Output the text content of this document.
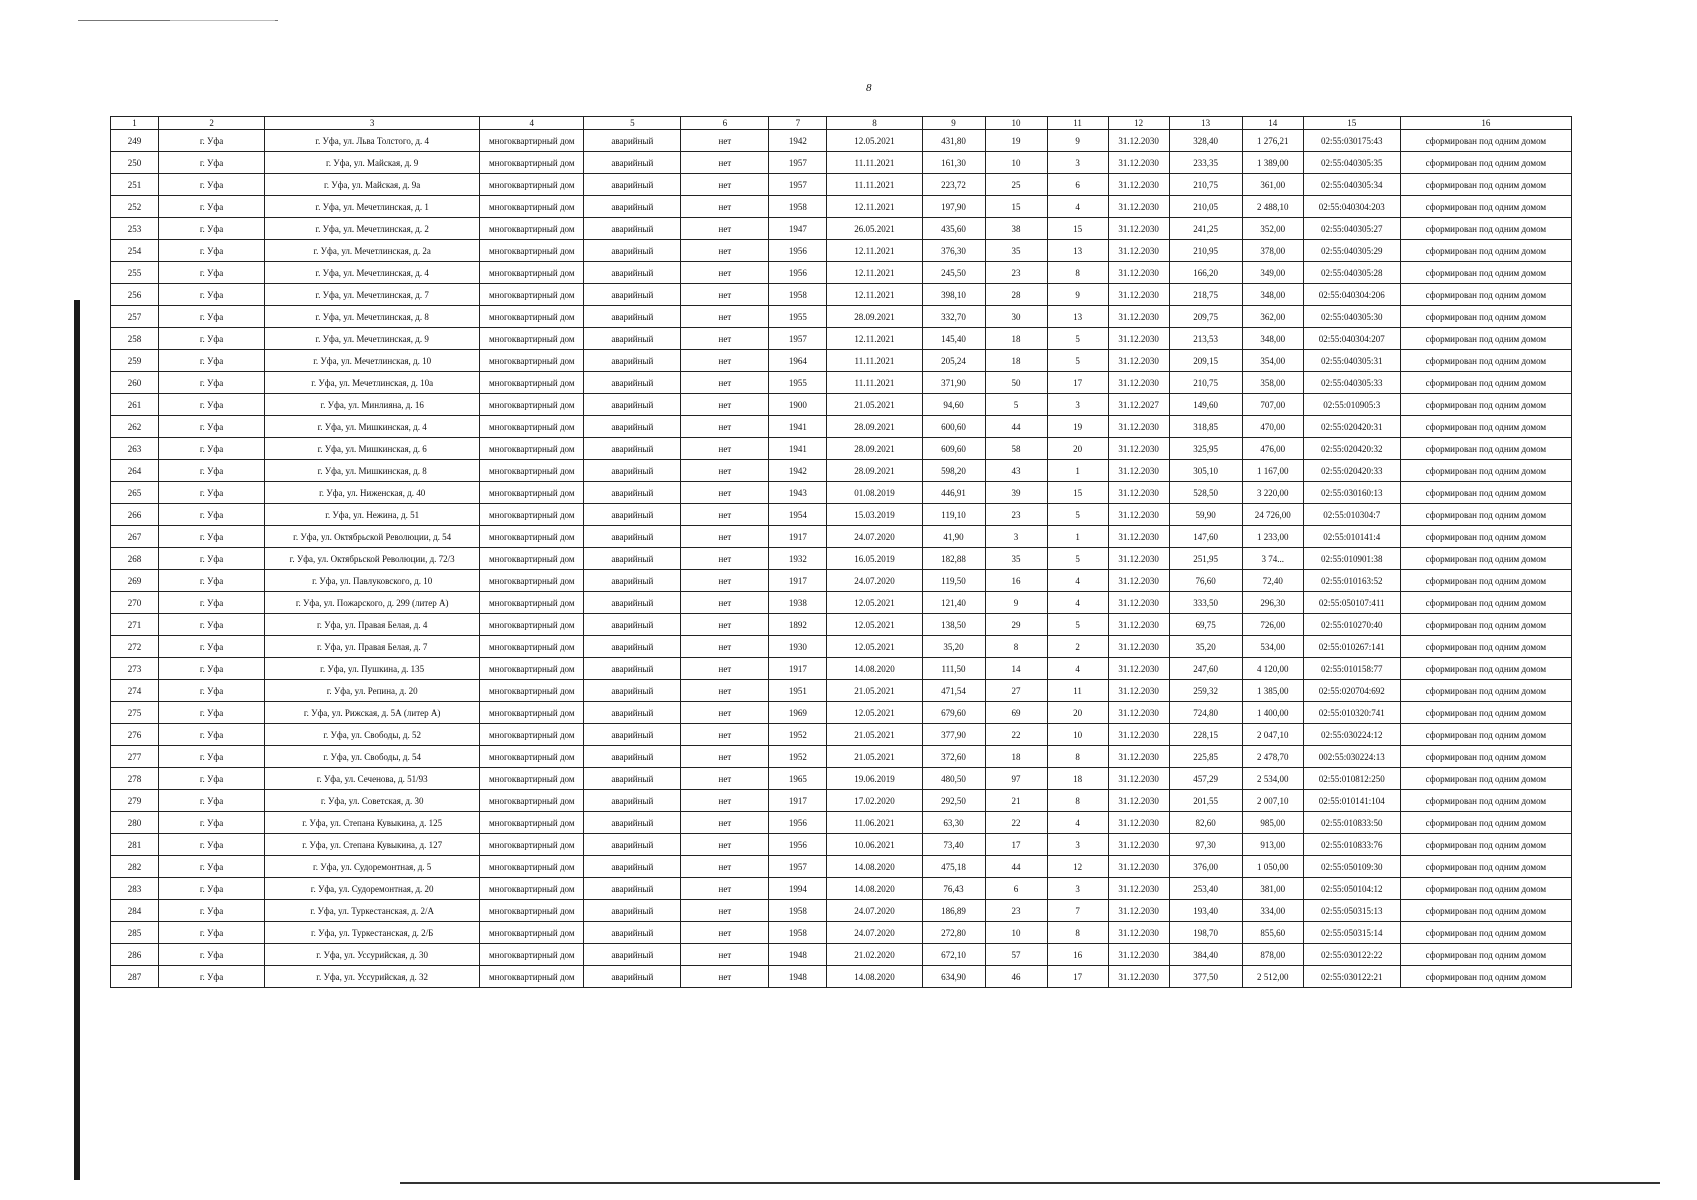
8
1	2	3	4	5	6	7	8	9	10	11	12	13	14	15	16
249	г. Уфа	г. Уфа, ул. Льва Толстого, д. 4	многоквартирный дом	аварийный	нет	1942	12.05.2021	431,80	19	9	31.12.2030	328,40	1 276,21	02:55:030175:43	сформирован под одним домом
250	г. Уфа	г. Уфа, ул. Майская, д. 9	многоквартирный дом	аварийный	нет	1957	11.11.2021	161,30	10	3	31.12.2030	233,35	1 389,00	02:55:040305:35	сформирован под одним домом
251	г. Уфа	г. Уфа, ул. Майская, д. 9а	многоквартирный дом	аварийный	нет	1957	11.11.2021	223,72	25	6	31.12.2030	210,75	361,00	02:55:040305:34	сформирован под одним домом
252	г. Уфа	г. Уфа, ул. Мечетлинская, д. 1	многоквартирный дом	аварийный	нет	1958	12.11.2021	197,90	15	4	31.12.2030	210,05	2 488,10	02:55:040304:203	сформирован под одним домом
253	г. Уфа	г. Уфа, ул. Мечетлинская, д. 2	многоквартирный дом	аварийный	нет	1947	26.05.2021	435,60	38	15	31.12.2030	241,25	352,00	02:55:040305:27	сформирован под одним домом
254	г. Уфа	г. Уфа, ул. Мечетлинская, д. 2а	многоквартирный дом	аварийный	нет	1956	12.11.2021	376,30	35	13	31.12.2030	210,95	378,00	02:55:040305:29	сформирован под одним домом
255	г. Уфа	г. Уфа, ул. Мечетлинская, д. 4	многоквартирный дом	аварийный	нет	1956	12.11.2021	245,50	23	8	31.12.2030	166,20	349,00	02:55:040305:28	сформирован под одним домом
256	г. Уфа	г. Уфа, ул. Мечетлинская, д. 7	многоквартирный дом	аварийный	нет	1958	12.11.2021	398,10	28	9	31.12.2030	218,75	348,00	02:55:040304:206	сформирован под одним домом
257	г. Уфа	г. Уфа, ул. Мечетлинская, д. 8	многоквартирный дом	аварийный	нет	1955	28.09.2021	332,70	30	13	31.12.2030	209,75	362,00	02:55:040305:30	сформирован под одним домом
258	г. Уфа	г. Уфа, ул. Мечетлинская, д. 9	многоквартирный дом	аварийный	нет	1957	12.11.2021	145,40	18	5	31.12.2030	213,53	348,00	02:55:040304:207	сформирован под одним домом
259	г. Уфа	г. Уфа, ул. Мечетлинская, д. 10	многоквартирный дом	аварийный	нет	1964	11.11.2021	205,24	18	5	31.12.2030	209,15	354,00	02:55:040305:31	сформирован под одним домом
260	г. Уфа	г. Уфа, ул. Мечетлинская, д. 10а	многоквартирный дом	аварийный	нет	1955	11.11.2021	371,90	50	17	31.12.2030	210,75	358,00	02:55:040305:33	сформирован под одним домом
261	г. Уфа	г. Уфа, ул. Минлияна, д. 16	многоквартирный дом	аварийный	нет	1900	21.05.2021	94,60	5	3	31.12.2027	149,60	707,00	02:55:010905:3	сформирован под одним домом
262	г. Уфа	г. Уфа, ул. Мишкинская, д. 4	многоквартирный дом	аварийный	нет	1941	28.09.2021	600,60	44	19	31.12.2030	318,85	470,00	02:55:020420:31	сформирован под одним домом
263	г. Уфа	г. Уфа, ул. Мишкинская, д. 6	многоквартирный дом	аварийный	нет	1941	28.09.2021	609,60	58	20	31.12.2030	325,95	476,00	02:55:020420:32	сформирован под одним домом
264	г. Уфа	г. Уфа, ул. Мишкинская, д. 8	многоквартирный дом	аварийный	нет	1942	28.09.2021	598,20	43	1	31.12.2030	305,10	1 167,00	02:55:020420:33	сформирован под одним домом
265	г. Уфа	г. Уфа, ул. Ниженская, д. 40	многоквартирный дом	аварийный	нет	1943	01.08.2019	446,91	39	15	31.12.2030	528,50	3 220,00	02:55:030160:13	сформирован под одним домом
266	г. Уфа	г. Уфа, ул. Нежина, д. 51	многоквартирный дом	аварийный	нет	1954	15.03.2019	119,10	23	5	31.12.2030	59,90	24 726,00	02:55:010304:7	сформирован под одним домом
267	г. Уфа	г. Уфа, ул. Октябрьской Революции, д. 54	многоквартирный дом	аварийный	нет	1917	24.07.2020	41,90	3	1	31.12.2030	147,60	1 233,00	02:55:010141:4	сформирован под одним домом
268	г. Уфа	г. Уфа, ул. Октябрьской Революции, д. 72/3	многоквартирный дом	аварийный	нет	1932	16.05.2019	182,88	35	5	31.12.2030	251,95	3 74...	02:55:010901:38	сформирован под одним домом
269	г. Уфа	г. Уфа, ул. Павлуковского, д. 10	многоквартирный дом	аварийный	нет	1917	24.07.2020	119,50	16	4	31.12.2030	76,60	72,40	02:55:010163:52	сформирован под одним домом
270	г. Уфа	г. Уфа, ул. Пожарского, д. 299 (литер А)	многоквартирный дом	аварийный	нет	1938	12.05.2021	121,40	9	4	31.12.2030	333,50	296,30	02:55:050107:411	сформирован под одним домом
271	г. Уфа	г. Уфа, ул. Правая Белая, д. 4	многоквартирный дом	аварийный	нет	1892	12.05.2021	138,50	29	5	31.12.2030	69,75	726,00	02:55:010270:40	сформирован под одним домом
272	г. Уфа	г. Уфа, ул. Правая Белая, д. 7	многоквартирный дом	аварийный	нет	1930	12.05.2021	35,20	8	2	31.12.2030	35,20	534,00	02:55:010267:141	сформирован под одним домом
273	г. Уфа	г. Уфа, ул. Пушкина, д. 135	многоквартирный дом	аварийный	нет	1917	14.08.2020	111,50	14	4	31.12.2030	247,60	4 120,00	02:55:010158:77	сформирован под одним домом
274	г. Уфа	г. Уфа, ул. Репина, д. 20	многоквартирный дом	аварийный	нет	1951	21.05.2021	471,54	27	11	31.12.2030	259,32	1 385,00	02:55:020704:692	сформирован под одним домом
275	г. Уфа	г. Уфа, ул. Рижская, д. 5А (литер А)	многоквартирный дом	аварийный	нет	1969	12.05.2021	679,60	69	20	31.12.2030	724,80	1 400,00	02:55:010320:741	сформирован под одним домом
276	г. Уфа	г. Уфа, ул. Свободы, д. 52	многоквартирный дом	аварийный	нет	1952	21.05.2021	377,90	22	10	31.12.2030	228,15	2 047,10	02:55:030224:12	сформирован под одним домом
277	г. Уфа	г. Уфа, ул. Свободы, д. 54	многоквартирный дом	аварийный	нет	1952	21.05.2021	372,60	18	8	31.12.2030	225,85	2 478,70	002:55:030224:13	сформирован под одним домом
278	г. Уфа	г. Уфа, ул. Сеченова, д. 51/93	многоквартирный дом	аварийный	нет	1965	19.06.2019	480,50	97	18	31.12.2030	457,29	2 534,00	02:55:010812:250	сформирован под одним домом
279	г. Уфа	г. Уфа, ул. Советская, д. 30	многоквартирный дом	аварийный	нет	1917	17.02.2020	292,50	21	8	31.12.2030	201,55	2 007,10	02:55:010141:104	сформирован под одним домом
280	г. Уфа	г. Уфа, ул. Степана Кувыкина, д. 125	многоквартирный дом	аварийный	нет	1956	11.06.2021	63,30	22	4	31.12.2030	82,60	985,00	02:55:010833:50	сформирован под одним домом
281	г. Уфа	г. Уфа, ул. Степана Кувыкина, д. 127	многоквартирный дом	аварийный	нет	1956	10.06.2021	73,40	17	3	31.12.2030	97,30	913,00	02:55:010833:76	сформирован под одним домом
282	г. Уфа	г. Уфа, ул. Судоремонтная, д. 5	многоквартирный дом	аварийный	нет	1957	14.08.2020	475,18	44	12	31.12.2030	376,00	1 050,00	02:55:050109:30	сформирован под одним домом
283	г. Уфа	г. Уфа, ул. Судоремонтная, д. 20	многоквартирный дом	аварийный	нет	1994	14.08.2020	76,43	6	3	31.12.2030	253,40	381,00	02:55:050104:12	сформирован под одним домом
284	г. Уфа	г. Уфа, ул. Туркестанская, д. 2/А	многоквартирный дом	аварийный	нет	1958	24.07.2020	186,89	23	7	31.12.2030	193,40	334,00	02:55:050315:13	сформирован под одним домом
285	г. Уфа	г. Уфа, ул. Туркестанская, д. 2/Б	многоквартирный дом	аварийный	нет	1958	24.07.2020	272,80	10	8	31.12.2030	198,70	855,60	02:55:050315:14	сформирован под одним домом
286	г. Уфа	г. Уфа, ул. Уссурийская, д. 30	многоквартирный дом	аварийный	нет	1948	21.02.2020	672,10	57	16	31.12.2030	384,40	878,00	02:55:030122:22	сформирован под одним домом
287	г. Уфа	г. Уфа, ул. Уссурийская, д. 32	многоквартирный дом	аварийный	нет	1948	14.08.2020	634,90	46	17	31.12.2030	377,50	2 512,00	02:55:030122:21	сформирован под одним домом
